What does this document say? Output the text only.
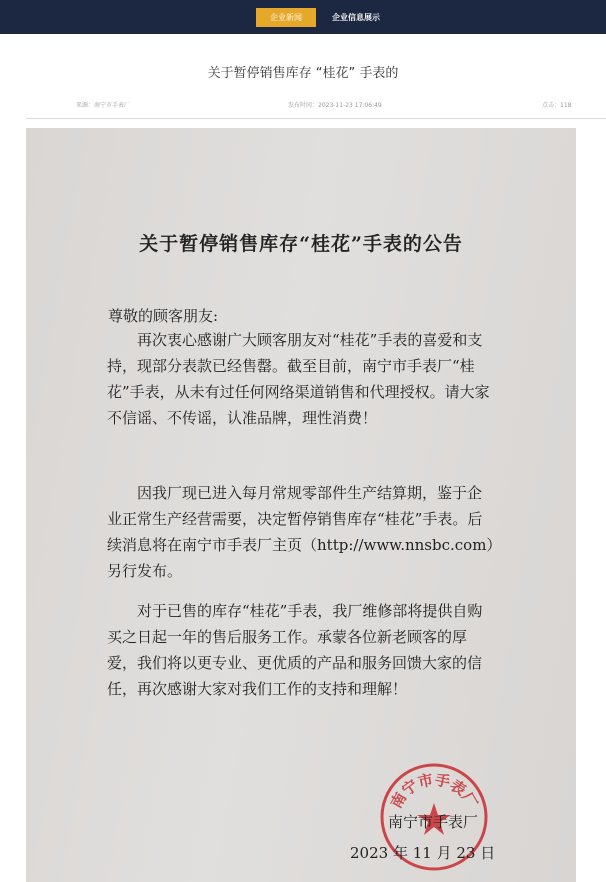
企业新闻	企业信息展示
关于暂停销售库存 “桂花” 手表的
来源：南宁市手表厂	发布时间：2023-11-23 17:06:49	点击：118
关于暂停销售库存“桂花”手表的公告
尊敬的顾客朋友:
再次衷心感谢广大顾客朋友对“桂花”手表的喜爱和支持，现部分表款已经售罄。截至目前，南宁市手表厂“桂花”手表，从未有过任何网络渠道销售和代理授权。请大家不信谣、不传谣，认准品牌，理性消费！
因我厂现已进入每月常规零部件生产结算期，鉴于企业正常生产经营需要，决定暂停销售库存“桂花”手表。后续消息将在南宁市手表厂主页（http://www.nnsbc.com）另行发布。
对于已售的库存“桂花”手表，我厂维修部将提供自购买之日起一年的售后服务工作。承蒙各位新老顾客的厚爱，我们将以更专业、更优质的产品和服务回馈大家的信任，再次感谢大家对我们工作的支持和理解！
南宁市手表厂
南宁市手表厂
2023 年 11 月 23 日
